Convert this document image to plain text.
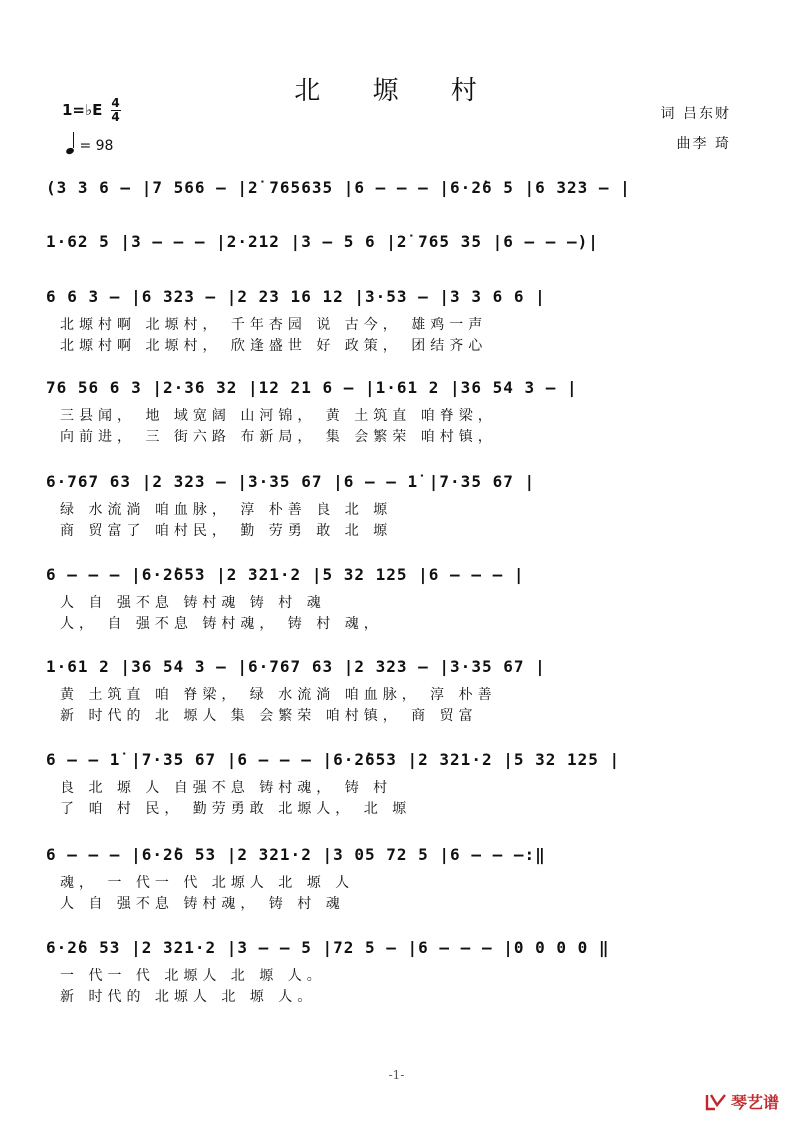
北 塬 村
1=♭E $\frac{4}{4}$
= 98
词 吕东财
曲李 琦
(3 3 6 – |7 566 – |2̇ 765635 |6 – – – |6·2̇6 5 |6 323 – |
1·62 5 |3 – – – |2·212 |3 – 5 6 |2̇ 765 35 |6 – – –)|
6 6 3 – |6 323 – |2 23 16 12 |3·53 – |3 3 6 6 |
北塬村啊 北塬村， 千年杏园 说 古今， 雄鸡一声
北塬村啊 北塬村， 欣逢盛世 好 政策， 团结齐心
76 56 6 3 |2·36 32 |12 21 6 – |1·61 2 |36 54 3 – |
三县闻， 地 域宽阔 山河锦， 黄 土筑直 咱脊梁，
向前进， 三 街六路 布新局， 集 会繁荣 咱村镇，
6·767 63 |2 323 – |3·35 67 |6 – – 1̇ |7·35 67 |
绿 水流淌 咱血脉， 淳 朴善 良 北 塬
商 贸富了 咱村民， 勤 劳勇 敢 北 塬
6 – – – |6·2̇653 |2 321·2 |5 32 125 |6 – – – |
人 自 强不息 铸村魂 铸 村 魂
人， 自 强不息 铸村魂， 铸 村 魂，
1·61 2 |36 54 3 – |6·767 63 |2 323 – |3·35 67 |
黄 土筑直 咱 脊梁， 绿 水流淌 咱血脉， 淳 朴善
新 时代的 北 塬人 集 会繁荣 咱村镇， 商 贸富
6 – – 1̇ |7·35 67 |6 – – – |6·2̇653 |2 321·2 |5 32 125 |
良 北 塬 人 自强不息 铸村魂， 铸 村
了 咱 村 民， 勤劳勇敢 北塬人， 北 塬
6 – – – |6·2̇6 53 |2 321·2 |3 05 72 5 |6 – – –:‖
魂， 一 代一 代 北塬人 北 塬 人
人 自 强不息 铸村魂， 铸 村 魂
6·2̇6 53 |2 321·2 |3 – – 5 |72 5 – |6 – – – |0 0 0 0 ‖
一 代一 代 北塬人 北 塬 人。
新 时代的 北塬人 北 塬 人。
-1-
琴艺谱
